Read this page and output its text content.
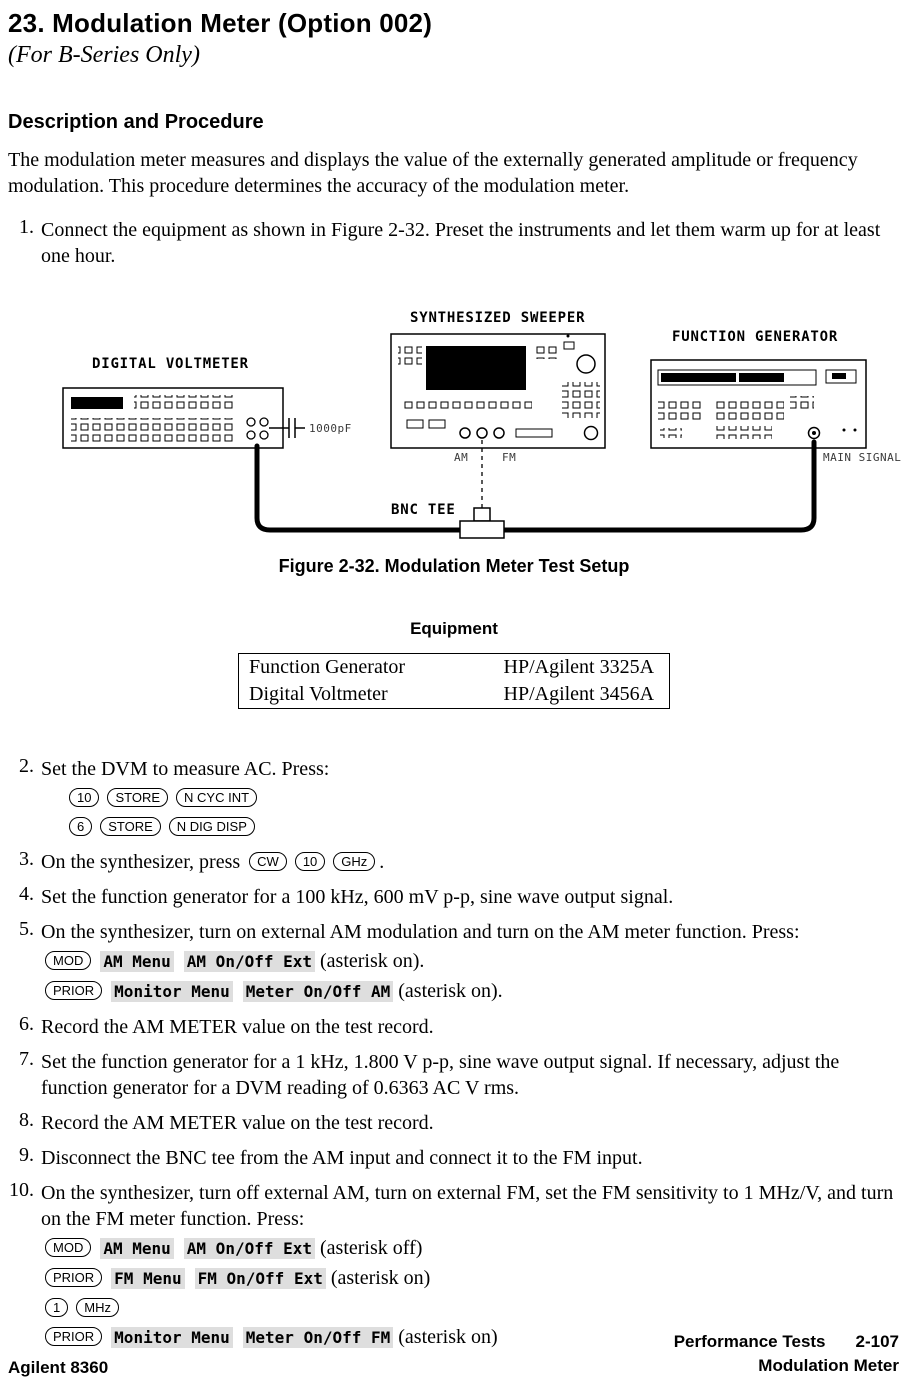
23. Modulation Meter (Option 002)
(For B-Series Only)
Description and Procedure
The modulation meter measures and displays the value of the externally generated amplitude or frequency modulation. This procedure determines the accuracy of the modulation meter.
1. Connect the equipment as shown in Figure 2-32. Preset the instruments and let them warm up for at least one hour.
SYNTHESIZED SWEEPER
FUNCTION GENERATOR
DIGITAL VOLTMETER
1000pF
AM	FM	MAIN SIGNAL
BNC TEE
Figure 2-32. Modulation Meter Test Setup
Equipment
Function Generator	HP/Agilent 3325A
Digital Voltmeter	HP/Agilent 3456A
2. Set the DVM to measure AC. Press:
10 STORE N CYC INT
6 STORE N DIG DISP
3. On the synthesizer, press CW 10 GHz .
4. Set the function generator for a 100 kHz, 600 mV p-p, sine wave output signal.
5. On the synthesizer, turn on external AM modulation and turn on the AM meter function. Press:
MOD AM Menu AM On/Off Ext (asterisk on).
PRIOR Monitor Menu Meter On/Off AM (asterisk on).
6. Record the AM METER value on the test record.
7. Set the function generator for a 1 kHz, 1.800 V p-p, sine wave output signal. If necessary, adjust the function generator for a DVM reading of 0.6363 AC V rms.
8. Record the AM METER value on the test record.
9. Disconnect the BNC tee from the AM input and connect it to the FM input.
10. On the synthesizer, turn off external AM, turn on external FM, set the FM sensitivity to 1 MHz/V, and turn on the FM meter function. Press:
MOD AM Menu AM On/Off Ext (asterisk off)
PRIOR FM Menu FM On/Off Ext (asterisk on)
1 MHz
PRIOR Monitor Menu Meter On/Off FM (asterisk on)
Agilent 8360
Performance Tests 2-107
Modulation Meter
